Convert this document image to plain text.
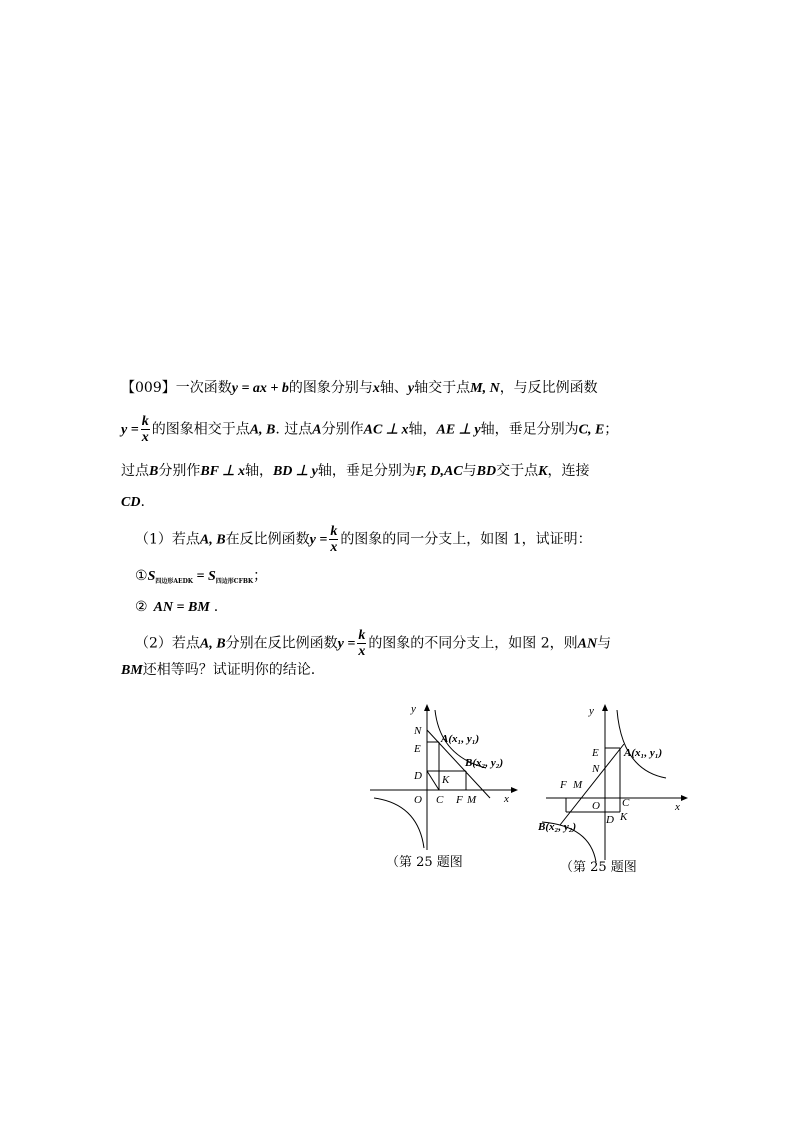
【009】一次函数y = ax + b的图象分别与x轴、y轴交于点M, N，与反比例函数
$y = \frac{k}{x}$ 的图象相交于点A, B. 过点A分别作AC ⊥ x轴，AE ⊥ y轴，垂足分别为C, E；
过点B分别作BF ⊥ x轴，BD ⊥ y轴，垂足分别为F, D,AC与BD交于点K，连接
CD.
（1）若点A, B在反比例函数$y = \frac{k}{x}$ 的图象的同一分支上，如图 1，试证明：
$①S_{四边形AEDK} = S_{四边形CFBK}$；
② AN = BM .
（2）若点A, B分别在反比例函数$y = \frac{k}{x}$ 的图象的不同分支上，如图 2，则AN与
BM还相等吗？试证明你的结论.
y
x
N
E
D
O C
K
F M
A(x₁, y₁)
B(x₂, y₂)
（第 25 题图
y
x
E
N
F M
O C
D K
A(x₁, y₁)
B(x₂, y₂)
（第 25 题图
